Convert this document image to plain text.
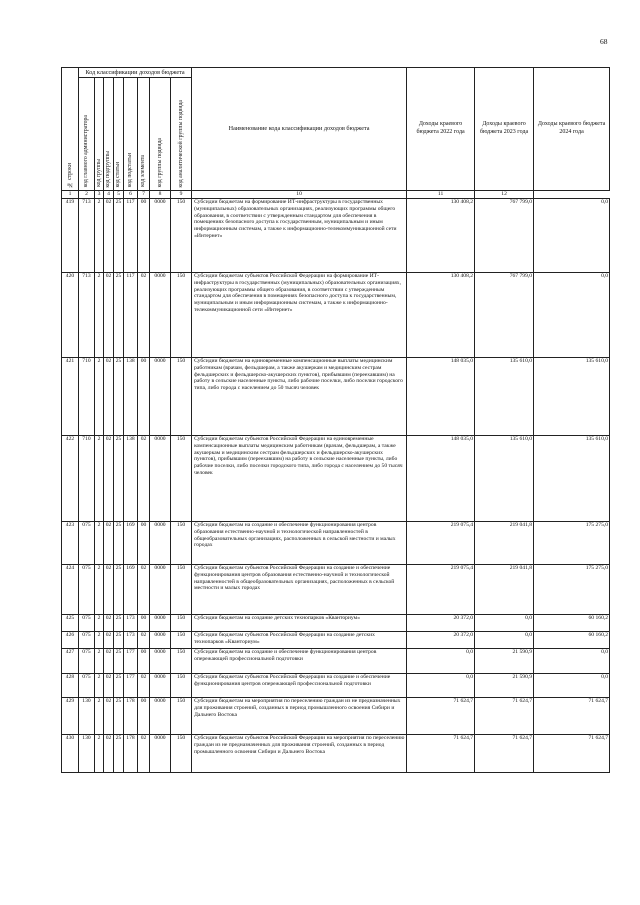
68
№ строки	Код классификации доходов бюджета								Наименование кода классификации доходов бюджета	Доходы краевого бюджета 2022 года	Доходы краевого бюджета 2023 года	Доходы краевого бюджета 2024 года
	код главного администратора	код группы	код подгруппы	код статьи	код подстатьи	код элемента	код группы подвида	код аналитической группы подвида				
1	2	3	4	5	6	7	8	9	10	11	12	
419	713	2	02	25	117	00	0000	150	Субсидии бюджетам на формирование ИТ-инфраструктуры в государственных (муниципальных) образовательных организациях, реализующих программы общего образования, в соответствии с утвержденным стандартом для обеспечения в помещениях безопасного доступа к государственным, муниципальным и иным информационным системам, а также к информационно-телекоммуникационной сети «Интернет»	130 408,2	767 799,0	0,0
420	713	2	02	25	117	02	0000	150	Субсидии бюджетам субъектов Российской Федерации на формирование ИТ-инфраструктуры в государственных (муниципальных) образовательных организациях, реализующих программы общего образования, в соответствии с утвержденным стандартом для обеспечения в помещениях безопасного доступа к государственным, муниципальным и иным информационным системам, а также к информационно-телекоммуникационной сети «Интернет»	130 408,2	767 799,0	0,0
421	710	2	02	25	138	00	0000	150	Субсидии бюджетам на единовременные компенсационные выплаты медицинским работникам (врачам, фельдшерам, а также акушеркам и медицинским сестрам фельдшерских и фельдшерско-акушерских пунктов), прибывшим (переехавшим) на работу в сельские населенные пункты, либо рабочие поселки, либо поселки городского типа, либо города с населением до 50 тысяч человек	148 035,0	135 610,0	135 610,0
422	710	2	02	25	138	02	0000	150	Субсидии бюджетам субъектов Российской Федерации на единовременные компенсационные выплаты медицинским работникам (врачам, фельдшерам, а также акушеркам и медицинским сестрам фельдшерских и фельдшерско-акушерских пунктов), прибывшим (переехавшим) на работу в сельские населенные пункты, либо рабочие поселки, либо поселки городского типа, либо города с населением до 50 тысяч человек	148 035,0	135 610,0	135 610,0
423	075	2	02	25	169	00	0000	150	Субсидии бюджетам на создание и обеспечение функционирования центров образования естественно-научной и технологической направленностей в общеобразовательных организациях, расположенных в сельской местности и малых городах	219 075,4	219 041,8	175 275,0
424	075	2	02	25	169	02	0000	150	Субсидии бюджетам субъектов Российской Федерации на создание и обеспечение функционирования центров образования естественно-научной и технологической направленностей в общеобразовательных организациях, расположенных в сельской местности и малых городах	219 075,4	219 041,8	175 275,0
425	075	2	02	25	173	00	0000	150	Субсидии бюджетам на создание детских технопарков «Кванториум»	20 372,0	0,0	60 160,2
426	075	2	02	25	173	02	0000	150	Субсидии бюджетам субъектов Российской Федерации на создание детских технопарков «Кванториум»	20 372,0	0,0	60 160,2
427	075	2	02	25	177	00	0000	150	Субсидии бюджетам на создание и обеспечение функционирования центров опережающей профессиональной подготовки	0,0	21 590,9	0,0
428	075	2	02	25	177	02	0000	150	Субсидии бюджетам субъектов Российской Федерации на создание и обеспечение функционирования центров опережающей профессиональной подготовки	0,0	21 590,9	0,0
429	130	2	02	25	178	00	0000	150	Субсидии бюджетам на мероприятия по переселению граждан из не предназначенных для проживания строений, созданных в период промышленного освоения Сибири и Дальнего Востока	71 624,7	71 624,7	71 624,7
430	130	2	02	25	178	02	0000	150	Субсидии бюджетам субъектов Российской Федерации на мероприятия по переселению граждан из не предназначенных для проживания строений, созданных в период промышленного освоения Сибири и Дальнего Востока	71 624,7	71 624,7	71 624,7
